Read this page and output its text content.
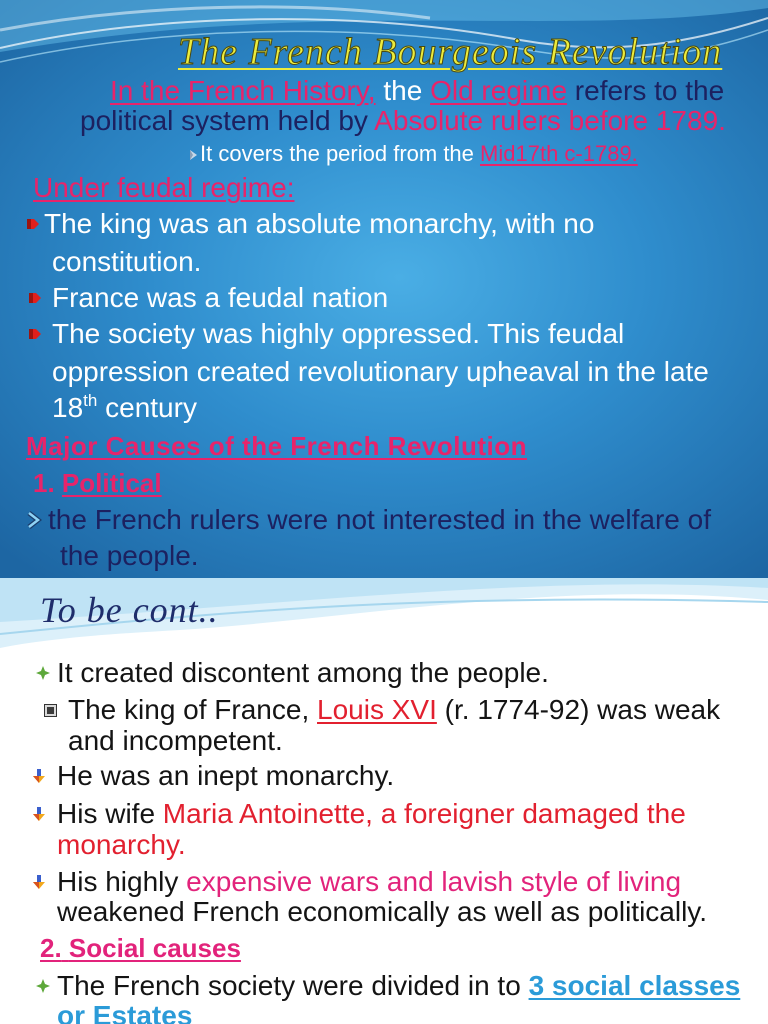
The French Bourgeois Revolution
In the French History, the Old regime refers to the
political system held by Absolute rulers before 1789.
It covers the period from the Mid17th c-1789.
Under feudal regime:
The king was an absolute monarchy, with no
constitution.
France was a feudal nation
The society was highly oppressed. This feudal
oppression created revolutionary upheaval in the late
18th century
Major Causes of the French Revolution
1. Political
the French rulers were not interested in the welfare of
the people.
To be cont..
It created discontent among the people.
The king of France, Louis XVI (r. 1774-92) was weak
and incompetent.
He was an inept monarchy.
His wife Maria Antoinette, a foreigner damaged the
monarchy.
His highly expensive wars and lavish style of living
weakened French economically as well as politically.
2. Social causes
The French society were divided in to 3 social classes
or Estates
